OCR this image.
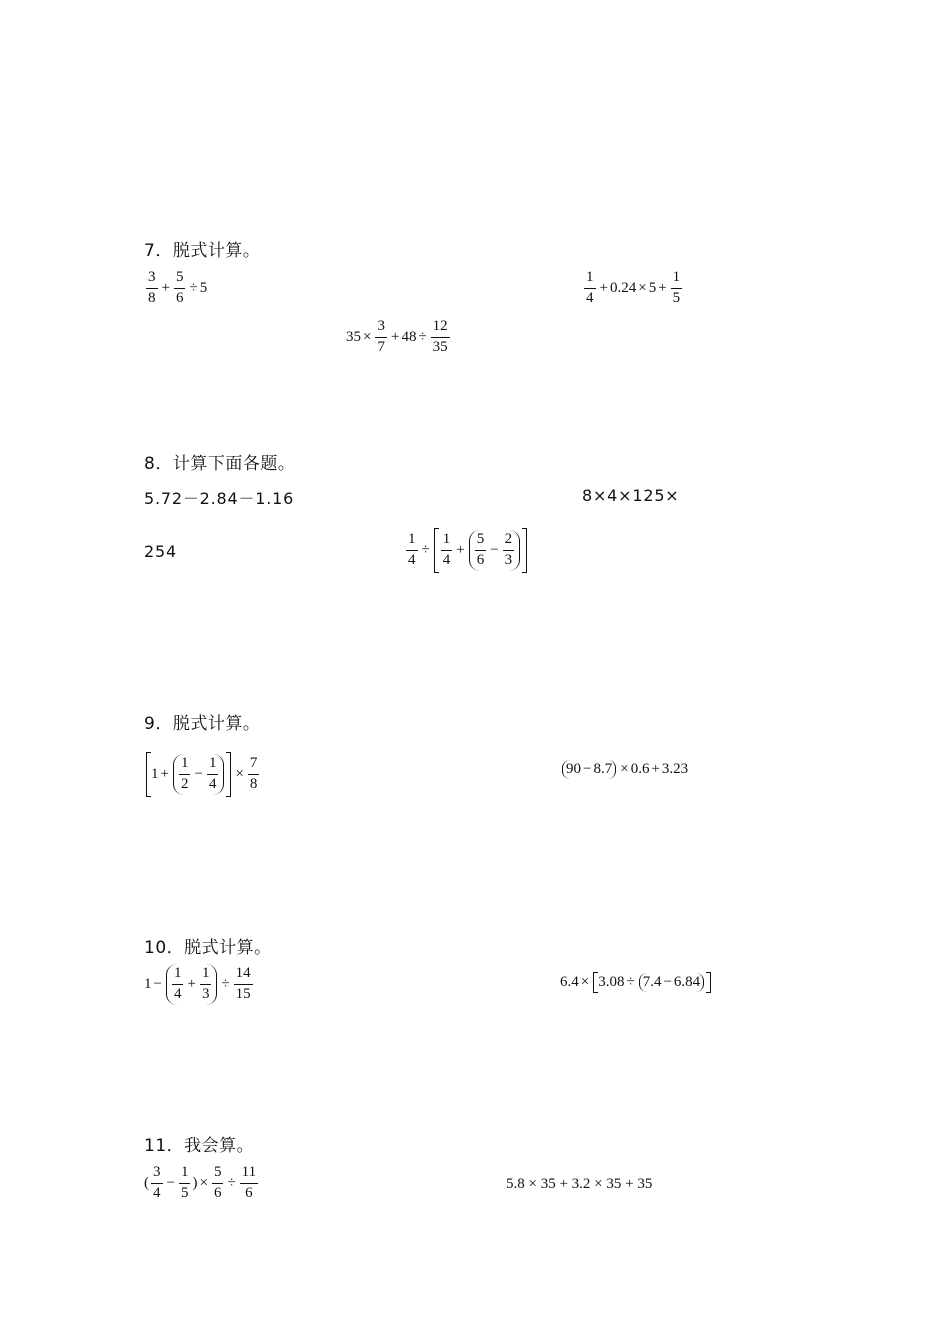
7．脱式计算。
$\frac{3}{8} + \frac{5}{6} \div 5$	$\frac{1}{4} + 0.24 \times 5 + \frac{1}{5}$
$35 \times \frac{3}{7} + 48 \div \frac{12}{35}$
8．计算下面各题。
5.72－2.84－1.16	8×4×125×
254	$\frac{1}{4} \div \frac{1}{4} + \frac{5}{6} - \frac{2}{3}$
9．脱式计算。
$1 + \frac{1}{2} - \frac{1}{4} \times \frac{7}{8}$	90 − 8.7 × 0.6 + 3.23
10．脱式计算。
$1 - \frac{1}{4} + \frac{1}{3} \div \frac{14}{15}$	6.4 × 3.08 ÷ 7.4 − 6.84
11．我会算。
( $\frac{3}{4} - \frac{1}{5}$ ) × $\frac{5}{6} \div \frac{11}{6}$	5.8 × 35 + 3.2 × 35 + 35
